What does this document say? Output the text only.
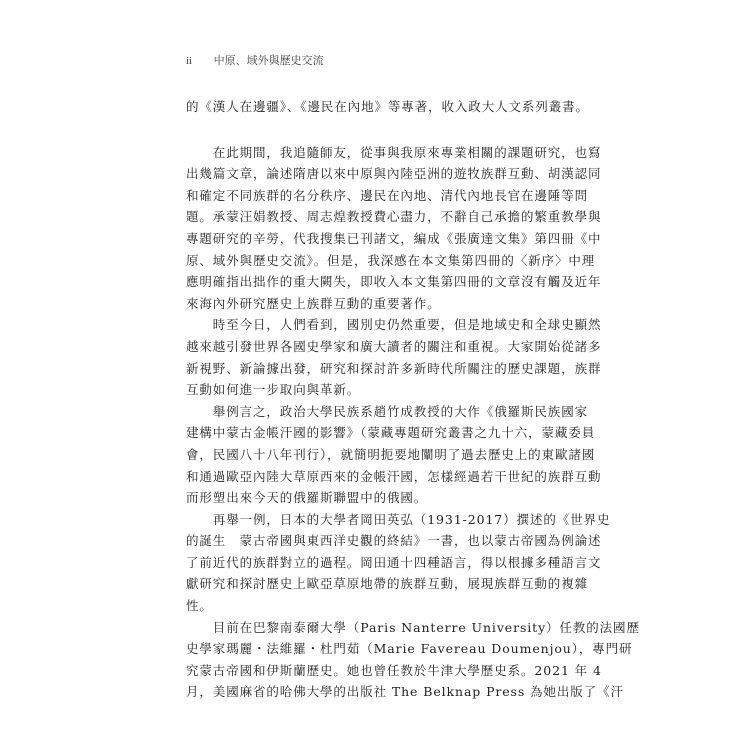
ii 中原、域外與歷史交流

的《漢人在邊疆》、《邊民在內地》等專著，收入政大人文系列叢書。

　　在此期間，我追隨師友，從事與我原來專業相關的課題研究，也寫
出幾篇文章，論述隋唐以來中原與內陸亞洲的遊牧族群互動、胡漢認同
和確定不同族群的名分秩序、邊民在內地、清代內地長官在邊陲等問
題。承蒙汪娟教授、周志煌教授費心盡力，不辭自己承擔的繁重教學與
專題研究的辛勞，代我搜集已刊諸文，編成《張廣達文集》第四冊《中
原、域外與歷史交流》。但是，我深感在本文集第四冊的〈新序〉中理
應明確指出拙作的重大闕失，即收入本文集第四冊的文章沒有觸及近年
來海內外研究歷史上族群互動的重要著作。

　　時至今日，人們看到，國別史仍然重要，但是地域史和全球史顯然
越來越引發世界各國史學家和廣大讀者的關注和重視。大家開始從諸多
新視野、新論據出發，研究和探討許多新時代所關注的歷史課題，族群
互動如何進一步取向與革新。

　　舉例言之，政治大學民族系趙竹成教授的大作《俄羅斯民族國家
建構中蒙古金帳汗國的影響》（蒙藏專題研究叢書之九十六，蒙藏委員
會，民國八十八年刊行），就簡明扼要地闡明了過去歷史上的東歐諸國
和通過歐亞內陸大草原西來的金帳汗國，怎樣經過若干世紀的族群互動
而形塑出來今天的俄羅斯聯盟中的俄國。

　　再舉一例，日本的大學者岡田英弘（1931-2017）撰述的《世界史
的誕生　蒙古帝國與東西洋史觀的終結》一書，也以蒙古帝國為例論述
了前近代的族群對立的過程。岡田通十四種語言，得以根據多種語言文
獻研究和探討歷史上歐亞草原地帶的族群互動，展現族群互動的複雜
性。

　　目前在巴黎南泰爾大學（Paris Nanterre University）任教的法國歷
史學家瑪麗・法維羅・杜門茹（Marie Favereau Doumenjou），專門研
究蒙古帝國和伊斯蘭歷史。她也曾任教於牛津大學歷史系。2021 年 4
月，美國麻省的哈佛大學的出版社 The Belknap Press 為她出版了《汗
